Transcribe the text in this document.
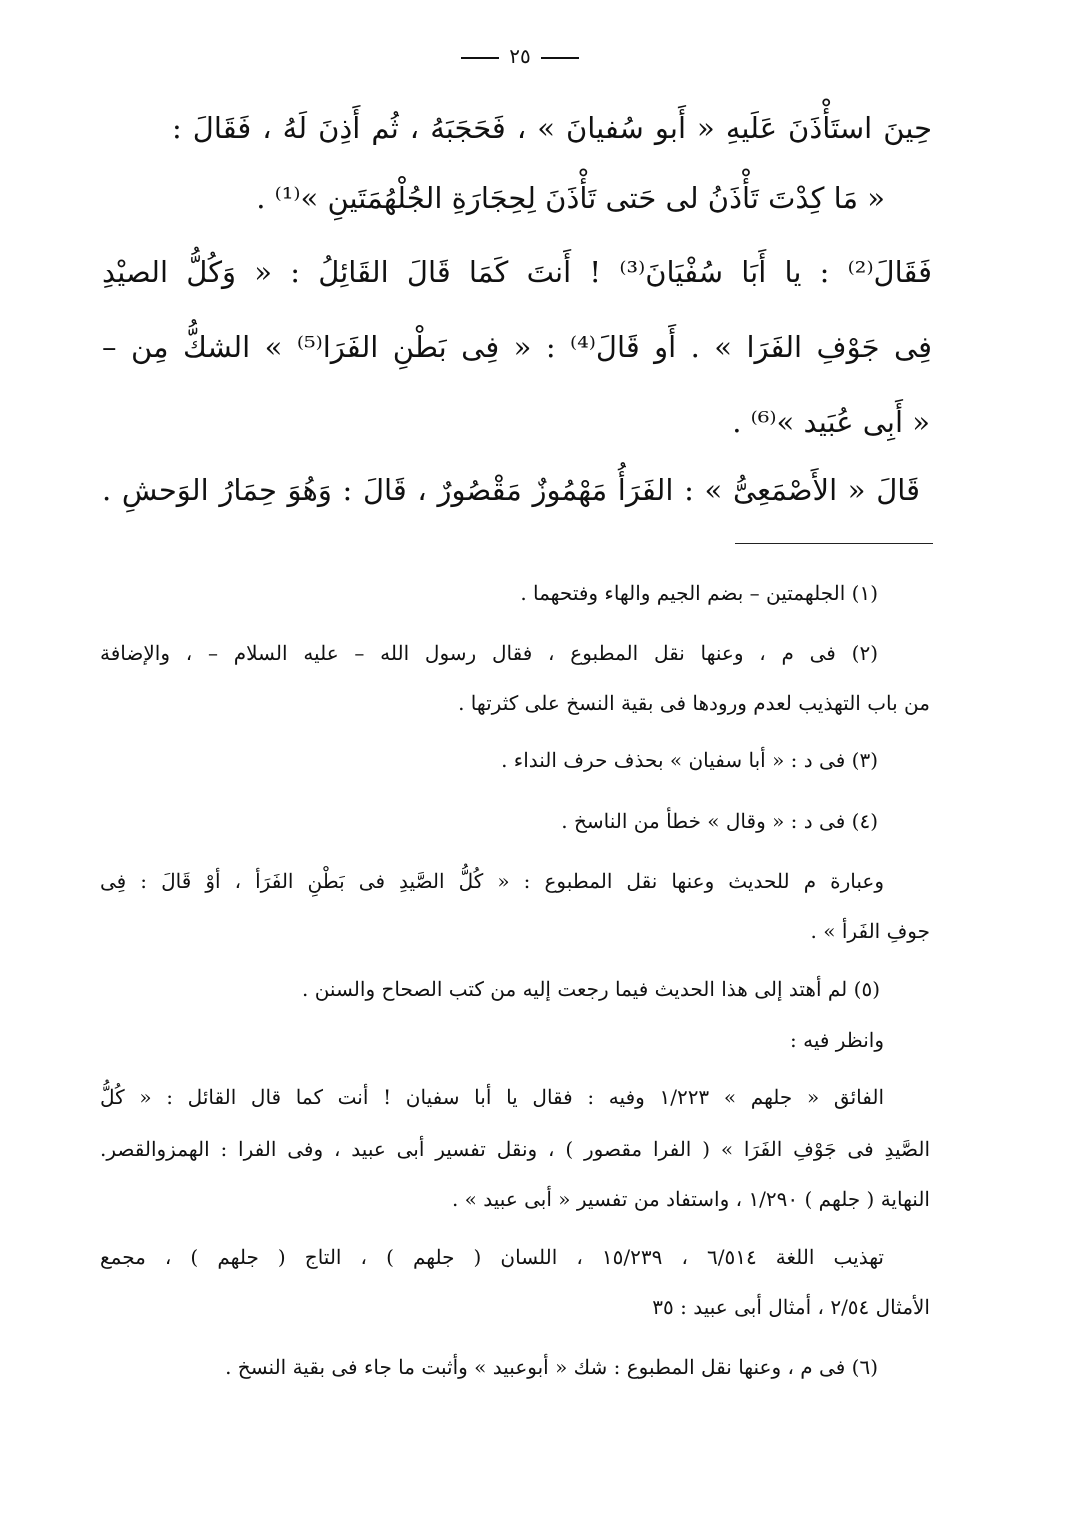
٢٥
حِينَ استَأْذَنَ عَلَيهِ « أَبو سُفيانَ » ، فَحَجَبَهُ ، ثُم أَذِنَ لَهُ ، فَقَالَ :
« مَا كِدْتَ تَأْذَنُ لى حَتى تَأْذَنَ لِحِجَارَةِ الجُلْهُمَتَينِ »⁽¹⁾ .
فَقَالَ⁽²⁾ : يا أَبَا سُفْيَانَ⁽³⁾ ! أَنتَ كَمَا قَالَ القَائِلُ : « وَكُلُّ الصيْدِ
فِى جَوْفِ الفَرَا » . أَو قَالَ⁽⁴⁾ : « فِى بَطْنِ الفَرَا⁽⁵⁾ » الشكُّ مِن –
« أَبِى عُبَيد »⁽⁶⁾ .
قَالَ « الأَصْمَعِىُّ » : الفَرَأُ مَهْمُوزٌ مَقْصُورٌ ، قَالَ : وَهُوَ حِمَارُ الوَحشِ .
(١) الجلهمتين – بضم الجيم والهاء وفتحهما .
(٢) فى م ، وعنها نقل المطبوع ، فقال رسول الله – عليه السلام – ، والإضافة
من باب التهذيب لعدم ورودها فى بقية النسخ على كثرتها .
(٣) فى د : « أبا سفيان » بحذف حرف النداء .
(٤) فى د : « وقال » خطأ من الناسخ .
وعبارة م للحديث وعنها نقل المطبوع : « كُلُّ الصَّيدِ فى بَطْنِ الفَرَأ ، أوْ قَالَ : فِى
جوفِ الفَرأ » .
(٥) لم أهتد إلى هذا الحديث فيما رجعت إليه من كتب الصحاح والسنن .
وانظر فيه :
الفائق « جلهم » ١/٢٢٣ وفيه : فقال يا أبا سفيان ! أنت كما قال القائل : « كُلُّ
الصَّيدِ فى جَوْفِ الفَرَا » ( الفرا مقصور ) ، ونقل تفسير أبى عبيد ، وفى الفرا : الهمزوالقصر.
النهاية ( جلهم ) ١/٢٩٠ ، واستفاد من تفسير « أبى عبيد » .
تهذيب اللغة ٦/٥١٤ ، ١٥/٢٣٩ ، اللسان ( جلهم ) ، التاج ( جلهم ) ، مجمع
الأمثال ٢/٥٤ ، أمثال أبى عبيد : ٣٥
(٦) فى م ، وعنها نقل المطبوع : شك « أبوعبيد » وأثبت ما جاء فى بقية النسخ .
